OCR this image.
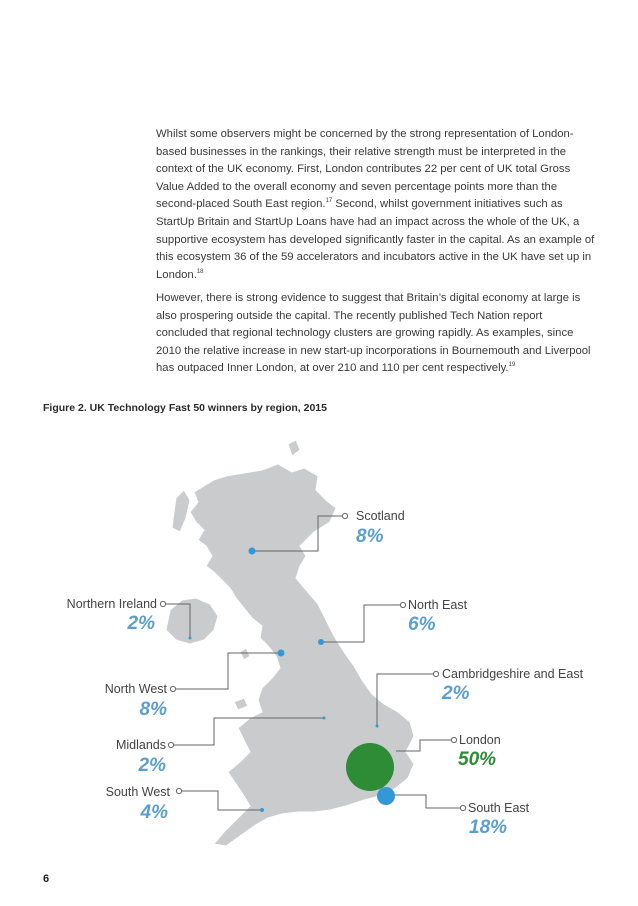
Whilst some observers might be concerned by the strong representation of London-based businesses in the rankings, their relative strength must be interpreted in the context of the UK economy. First, London contributes 22 per cent of UK total Gross Value Added to the overall economy and seven percentage points more than the second-placed South East region.$^{17}$ Second, whilst government initiatives such as StartUp Britain and StartUp Loans have had an impact across the whole of the UK, a supportive ecosystem has developed significantly faster in the capital. As an example of this ecosystem 36 of the 59 accelerators and incubators active in the UK have set up in London.$^{18}$

However, there is strong evidence to suggest that Britain’s digital economy at large is also prospering outside the capital. The recently published Tech Nation report concluded that regional technology clusters are growing rapidly. As examples, since 2010 the relative increase in new start-up incorporations in Bournemouth and Liverpool has outpaced Inner London, at over 210 and 110 per cent respectively.$^{19}$

Figure 2. UK Technology Fast 50 winners by region, 2015
Scotland
8%
Northern Ireland
2%
North East
6%
North West
8%
Cambridgeshire and East
2%
Midlands
2%
London
50%
South West
4%	South East
18%
6
